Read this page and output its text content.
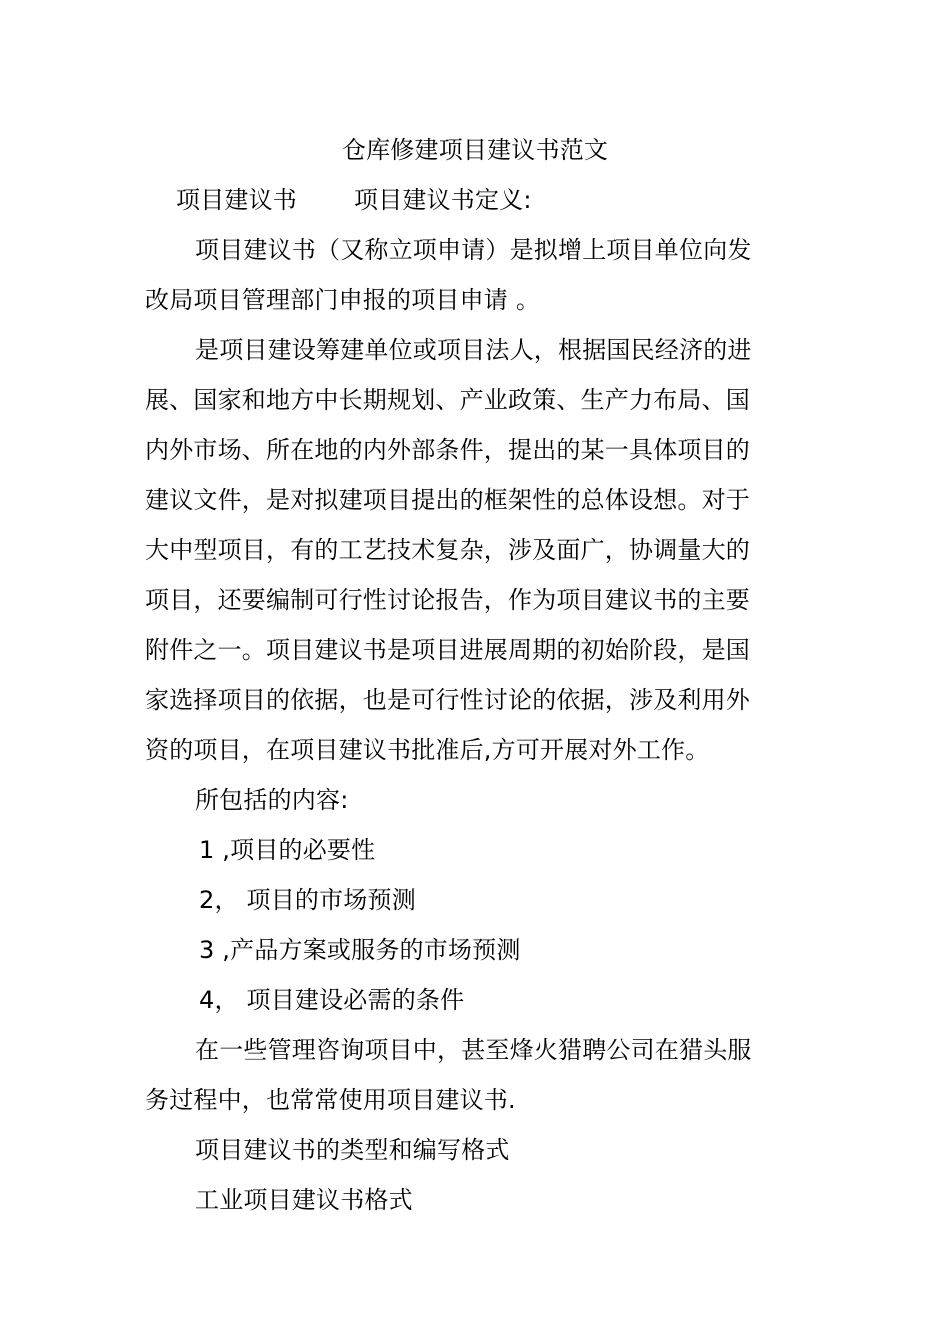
仓库修建项目建议书范文
项目建议书 项目建议书定义:
项目建议书（又称立项申请）是拟增上项目单位向发
改局项目管理部门申报的项目申请 。
是项目建设筹建单位或项目法人，根据国民经济的进
展、国家和地方中长期规划、产业政策、生产力布局、国
内外市场、所在地的内外部条件，提出的某一具体项目的
建议文件，是对拟建项目提出的框架性的总体设想。对于
大中型项目，有的工艺技术复杂，涉及面广，协调量大的
项目，还要编制可行性讨论报告，作为项目建议书的主要
附件之一。项目建议书是项目进展周期的初始阶段，是国
家选择项目的依据，也是可行性讨论的依据，涉及利用外
资的项目，在项目建议书批准后,方可开展对外工作。
所包括的内容:
1 ,项目的必要性
2， 项目的市场预测
3 ,产品方案或服务的市场预测
4， 项目建设必需的条件
在一些管理咨询项目中，甚至烽火猎聘公司在猎头服
务过程中，也常常使用项目建议书.
项目建议书的类型和编写格式
工业项目建议书格式
